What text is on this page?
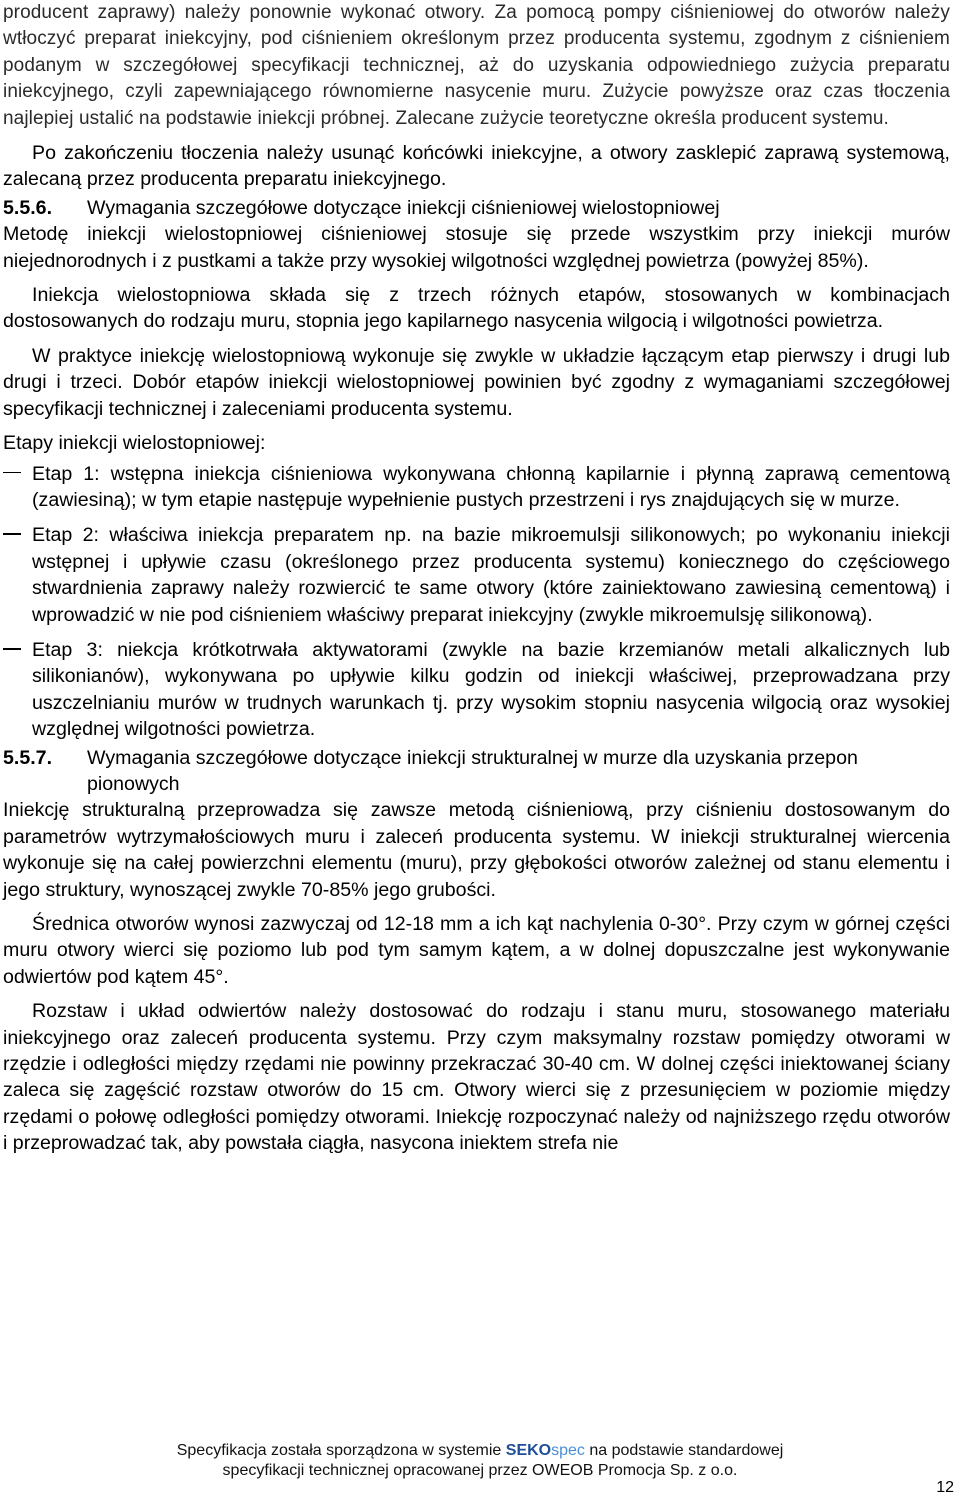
producent zaprawy) należy ponownie wykonać otwory. Za pomocą pompy ciśnieniowej do otworów należy wtłoczyć preparat iniekcyjny, pod ciśnieniem określonym przez producenta systemu, zgodnym z ciśnieniem podanym w szczegółowej specyfikacji technicznej, aż do uzyskania odpowiedniego zużycia preparatu iniekcyjnego, czyli zapewniającego równomierne nasycenie muru. Zużycie powyższe oraz czas tłoczenia najlepiej ustalić na podstawie iniekcji próbnej. Zalecane zużycie teoretyczne określa producent systemu.

Po zakończeniu tłoczenia należy usunąć końcówki iniekcyjne, a otwory zasklepić zaprawą systemową, zalecaną przez producenta preparatu iniekcyjnego.

5.5.6.	Wymagania szczegółowe dotyczące iniekcji ciśnieniowej wielostopniowej

Metodę iniekcji wielostopniowej ciśnieniowej stosuje się przede wszystkim przy iniekcji murów niejednorodnych i z pustkami a także przy wysokiej wilgotności względnej powietrza (powyżej 85%).

Iniekcja wielostopniowa składa się z trzech różnych etapów, stosowanych w kombinacjach dostosowanych do rodzaju muru, stopnia jego kapilarnego nasycenia wilgocią i wilgotności powietrza.

W praktyce iniekcję wielostopniową wykonuje się zwykle w układzie łączącym etap pierwszy i drugi lub drugi i trzeci. Dobór etapów iniekcji wielostopniowej powinien być zgodny z wymaganiami szczegółowej specyfikacji technicznej i zaleceniami producenta systemu.

Etapy iniekcji wielostopniowej:

Etap 1: wstępna iniekcja ciśnieniowa wykonywana chłonną kapilarnie i płynną zaprawą cementową (zawiesiną); w tym etapie następuje wypełnienie pustych przestrzeni i rys znajdujących się w murze.
Etap 2: właściwa iniekcja preparatem np. na bazie mikroemulsji silikonowych; po wykonaniu iniekcji wstępnej i upływie czasu (określonego przez producenta systemu) koniecznego do częściowego stwardnienia zaprawy należy rozwiercić te same otwory (które zainiektowano zawiesiną cementową) i wprowadzić w nie pod ciśnieniem właściwy preparat iniekcyjny (zwykle mikroemulsję silikonową).
Etap 3: niekcja krótkotrwała aktywatorami (zwykle na bazie krzemianów metali alkalicznych lub silikonianów), wykonywana po upływie kilku godzin od iniekcji właściwej, przeprowadzana przy uszczelnianiu murów w trudnych warunkach tj. przy wysokim stopniu nasycenia wilgocią oraz wysokiej względnej wilgotności powietrza.
5.5.7.	Wymagania szczegółowe dotyczące iniekcji strukturalnej w murze dla uzyskania przepon pionowych

Iniekcję strukturalną przeprowadza się zawsze metodą ciśnieniową, przy ciśnieniu dostosowanym do parametrów wytrzymałościowych muru i zaleceń producenta systemu. W iniekcji strukturalnej wiercenia wykonuje się na całej powierzchni elementu (muru), przy głębokości otworów zależnej od stanu elementu i jego struktury, wynoszącej zwykle 70-85% jego grubości.

Średnica otworów wynosi zazwyczaj od 12-18 mm a ich kąt nachylenia 0-30°. Przy czym w górnej części muru otwory wierci się poziomo lub pod tym samym kątem, a w dolnej dopuszczalne jest wykonywanie odwiertów pod kątem 45°.

Rozstaw i układ odwiertów należy dostosować do rodzaju i stanu muru, stosowanego materiału iniekcyjnego oraz zaleceń producenta systemu. Przy czym maksymalny rozstaw pomiędzy otworami w rzędzie i odległości między rzędami nie powinny przekraczać 30-40 cm. W dolnej części iniektowanej ściany zaleca się zagęścić rozstaw otworów do 15 cm. Otwory wierci się z przesunięciem w poziomie między rzędami o połowę odległości pomiędzy otworami. Iniekcję rozpoczynać należy od najniższego rzędu otworów i przeprowadzać tak, aby powstała ciągła, nasycona iniektem strefa nie

Specyfikacja została sporządzona w systemie SEKOspec na podstawie standardowej
specyfikacji technicznej opracowanej przez OWEOB Promocja Sp. z o.o.
12
